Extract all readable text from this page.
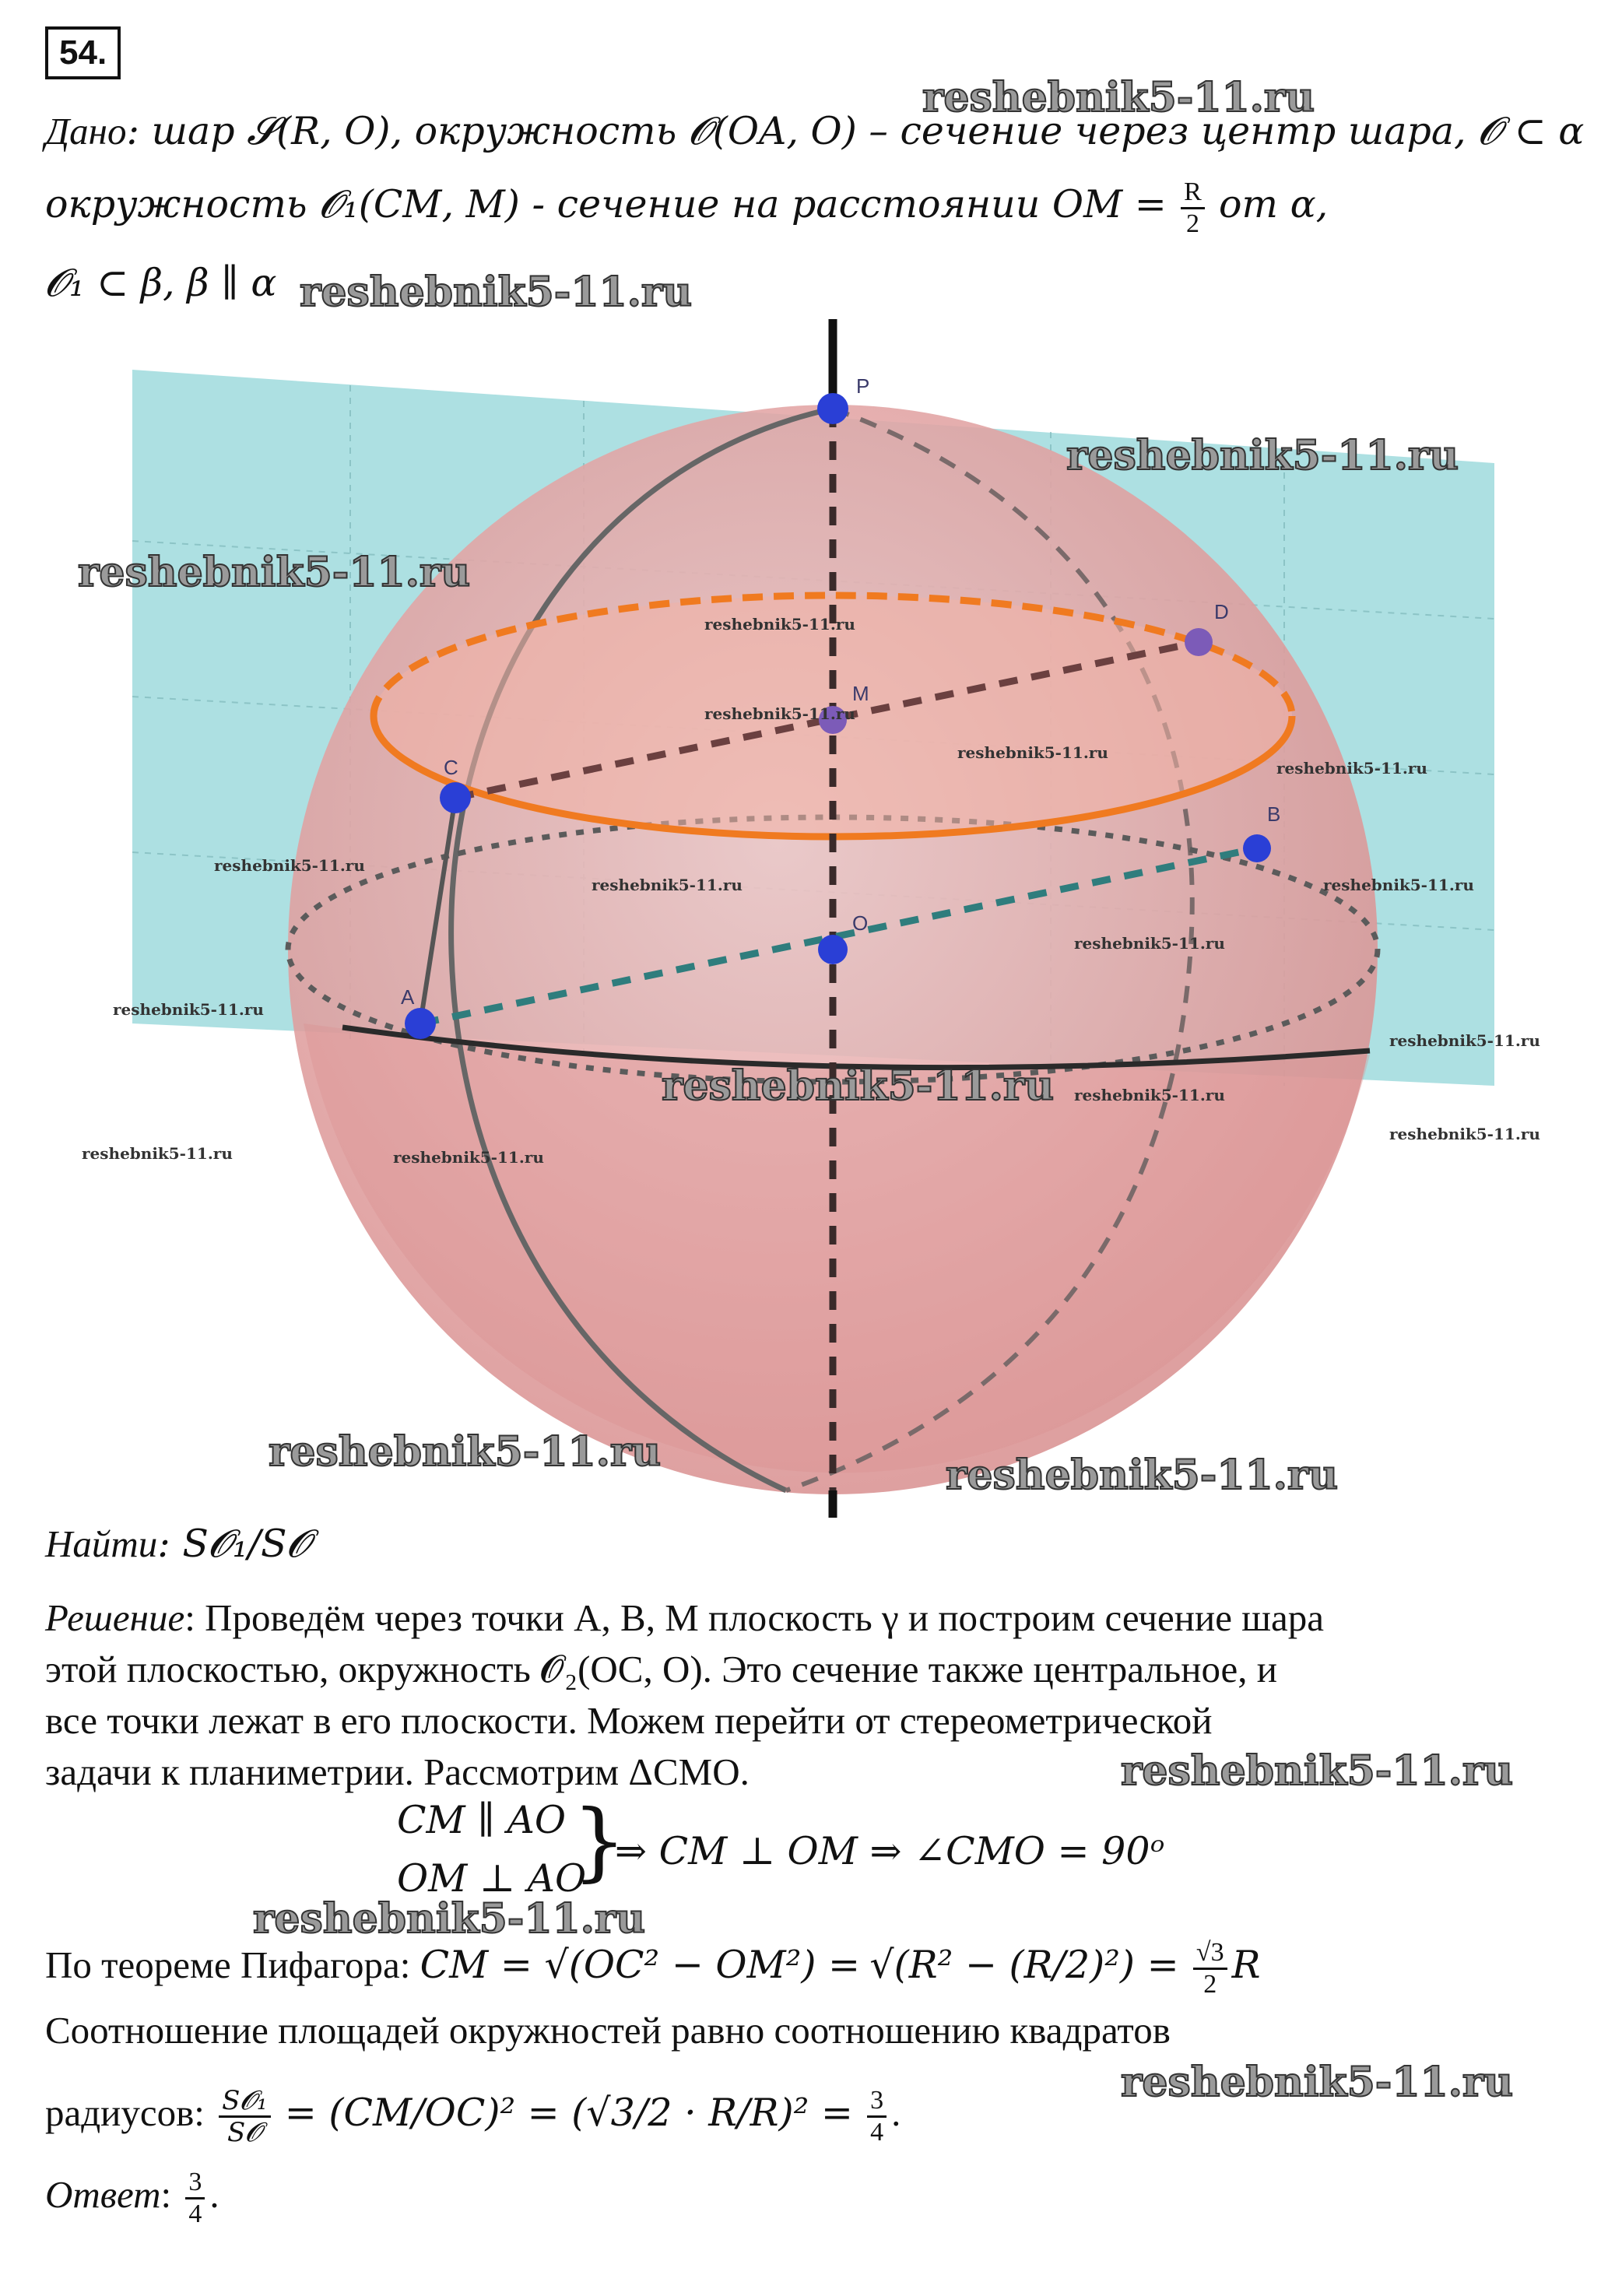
54.
Дано: шар 𝓢(R, O), окружность 𝓞(OA, O) – сечение через центр шара, 𝓞 ⊂ α
окружность 𝓞₁(CM, M) - сечение на расстоянии OM = $\frac{R}{2}$ от α,
𝓞₁ ⊂ β, β ∥ α
P
D
M
C
B
O
A
reshebnik5-11.ru
reshebnik5-11.ru
reshebnik5-11.ru
reshebnik5-11.ru
reshebnik5-11.ru
reshebnik5-11.ru	reshebnik5-11.ru
reshebnik5-11.ru
reshebnik5-11.ru
reshebnik5-11.ru
reshebnik5-11.ru
reshebnik5-11.ru
reshebnik5-11.ru
reshebnik5-11.ru
reshebnik5-11.ru
reshebnik5-11.ru	reshebnik5-11.ru
reshebnik5-11.ru
reshebnik5-11.ru
reshebnik5-11.ru
reshebnik5-11.ru
reshebnik5-11.ru	reshebnik5-11.ru
reshebnik5-11.ru
Найти: S𝓞₁/S𝓞
Решение: Проведём через точки A, B, M плоскость γ и построим сечение шара
этой плоскостью, окружность 𝓞₂(OC, O). Это сечение также центральное, и
все точки лежат в его плоскости. Можем перейти от стереометрической
задачи к планиметрии. Рассмотрим ΔCMO.
CM ∥ AO
OM ⊥ AO
}
⇒ CM ⊥ OM ⇒ ∠CMO = 90ᵒ
По теореме Пифагора: CM = $√(OC^2 - OM^2) = √(R^2 - (R/2)^2) = \frac{√3}{2}$ R
Соотношение площадей окружностей равно соотношению квадратов
радиусов: $\frac{\text{S𝓞₁}}{\text{S𝓞}} = (CM/OC)^2 = (√3/2 \cdot R/R)^2 = \frac{3}{4}$ .
Ответ: $\frac{3}{4}$ .
